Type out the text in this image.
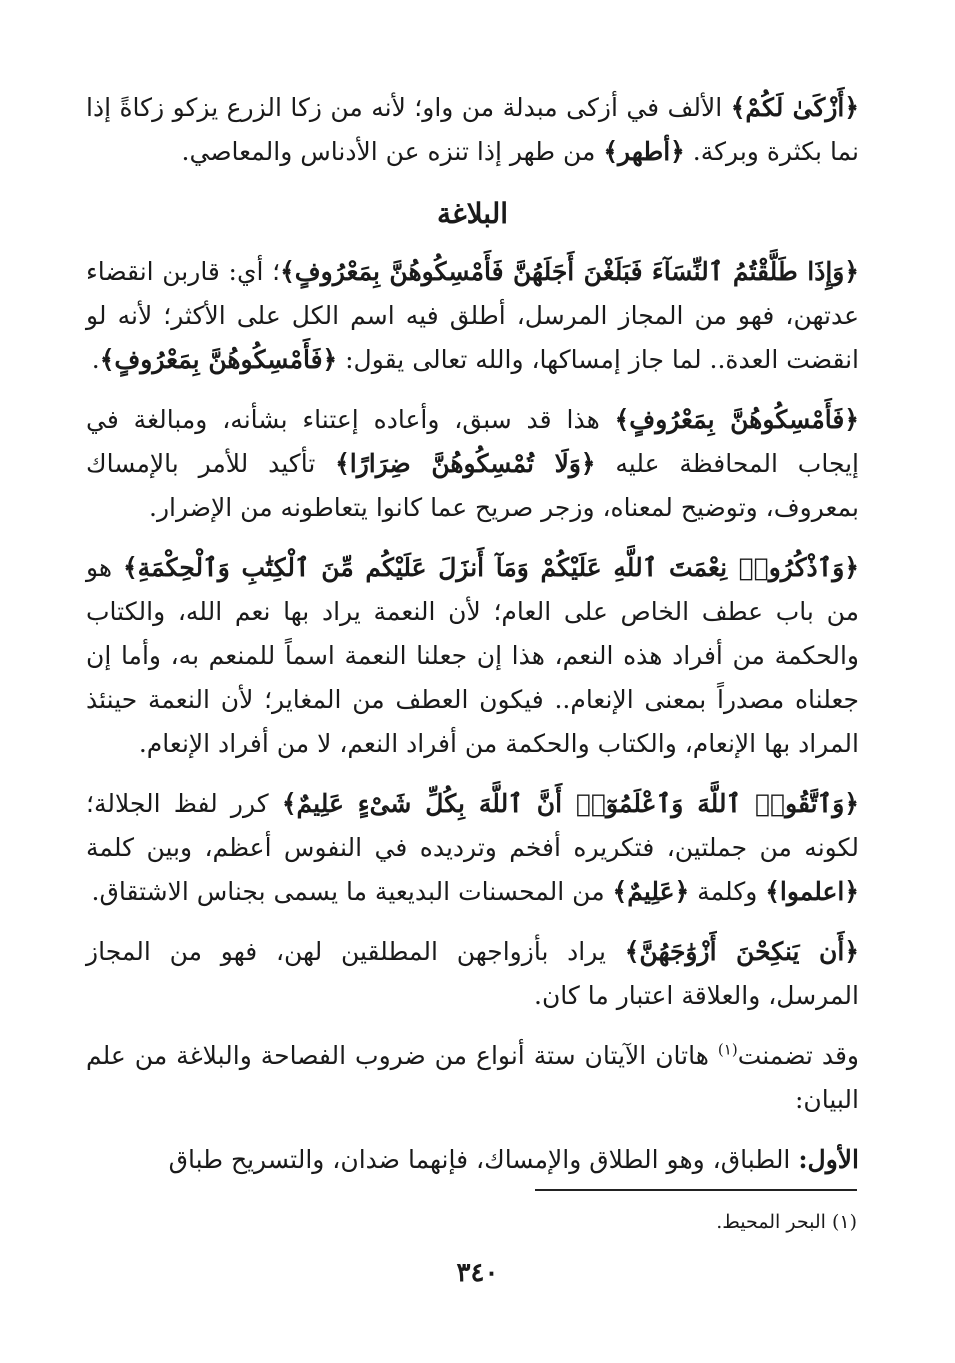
﴿أَزْكَىٰ لَكُمْ﴾ الألف في أزكى مبدلة من واو؛ لأنه من زكا الزرع يزكو زكاةً إذا نما بكثرة وبركة. ﴿أطهر﴾ من طهر إذا تنزه عن الأدناس والمعاصي.

البلاغة

﴿وَإِذَا طَلَّقْتُمُ ٱلنِّسَآءَ فَبَلَغْنَ أَجَلَهُنَّ فَأَمْسِكُوهُنَّ بِمَعْرُوفٍ﴾؛ أي: قاربن انقضاء عدتهن، فهو من المجاز المرسل، أطلق فيه اسم الكل على الأكثر؛ لأنه لو انقضت العدة.. لما جاز إمساكها، والله تعالى يقول: ﴿فَأَمْسِكُوهُنَّ بِمَعْرُوفٍ﴾.

﴿فَأَمْسِكُوهُنَّ بِمَعْرُوفٍ﴾ هذا قد سبق، وأعاده إعتناء بشأنه، ومبالغة في إيجاب المحافظة عليه ﴿وَلَا تُمْسِكُوهُنَّ ضِرَارًا﴾ تأكيد للأمر بالإمساك بمعروف، وتوضيح لمعناه، وزجر صريح عما كانوا يتعاطونه من الإضرار.

﴿وَٱذْكُرُوا۟ نِعْمَتَ ٱللَّهِ عَلَيْكُمْ وَمَآ أَنزَلَ عَلَيْكُم مِّنَ ٱلْكِتَٰبِ وَٱلْحِكْمَةِ﴾ هو من باب عطف الخاص على العام؛ لأن النعمة يراد بها نعم الله، والكتاب والحكمة من أفراد هذه النعم، هذا إن جعلنا النعمة اسماً للمنعم به، وأما إن جعلناه مصدراً بمعنى الإنعام.. فيكون العطف من المغاير؛ لأن النعمة حينئذ المراد بها الإنعام، والكتاب والحكمة من أفراد النعم، لا من أفراد الإنعام.

﴿وَٱتَّقُوا۟ ٱللَّهَ وَٱعْلَمُوٓا۟ أَنَّ ٱللَّهَ بِكُلِّ شَىْءٍ عَلِيمٌ﴾ كرر لفظ الجلالة؛ لكونه من جملتين، فتكريره أفخم وترديده في النفوس أعظم، وبين كلمة ﴿اعلموا﴾ وكلمة ﴿عَلِيمٌ﴾ من المحسنات البديعية ما يسمى بجناس الاشتقاق.

﴿أَن يَنكِحْنَ أَزْوَٰجَهُنَّ﴾ يراد بأزواجهن المطلقين لهن، فهو من المجاز المرسل، والعلاقة اعتبار ما كان.

وقد تضمنت$^{(١)}$ هاتان الآيتان ستة أنواع من ضروب الفصاحة والبلاغة من علم البيان:

الأول: الطباق، وهو الطلاق والإمساك، فإنهما ضدان، والتسريح طباق

(١) البحر المحيط.
٣٤٠
